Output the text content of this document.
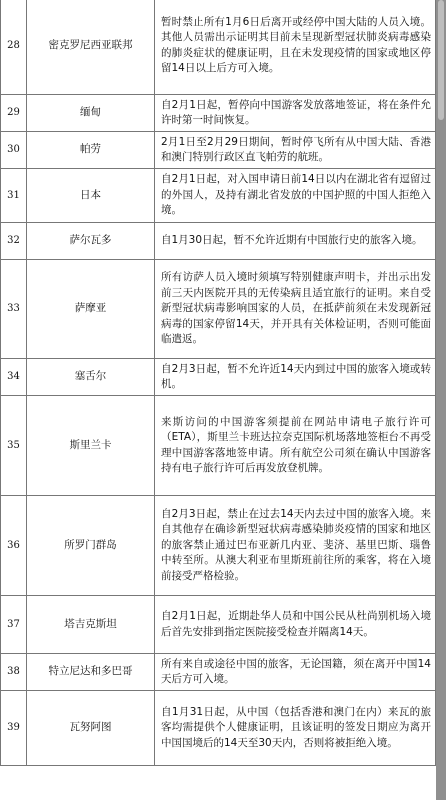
28	密克罗尼西亚联邦	暂时禁止所有1月6日后离开或经停中国大陆的人员入境。其他人员需出示证明其目前未呈现新型冠状肺炎病毒感染的肺炎症状的健康证明，且在未发现疫情的国家或地区停留14日以上后方可入境。
29	缅甸	自2月1日起，暂停向中国游客发放落地签证，将在条件允许时第一时间恢复。
30	帕劳	2月1日至2月29日期间，暂时停飞所有从中国大陆、香港和澳门特别行政区直飞帕劳的航班。
31	日本	自2月1日起，对入国申请日前14日以内在湖北省有逗留过的外国人，及持有湖北省发放的中国护照的中国人拒绝入境。
32	萨尔瓦多	自1月30日起，暂不允许近期有中国旅行史的旅客入境。
33	萨摩亚	所有访萨人员入境时须填写特别健康声明卡，并出示出发前三天内医院开具的无传染病且适宜旅行的证明。来自受新型冠状病毒影响国家的人员，在抵萨前须在未发现新冠病毒的国家停留14天，并开具有关体检证明，否则可能面临遣返。
34	塞舌尔	自2月3日起，暂不允许近14天内到过中国的旅客入境或转机。
35	斯里兰卡	来斯访问的中国游客须提前在网站申请电子旅行许可（ETA），斯里兰卡班达拉奈克国际机场落地签柜台不再受理中国游客落地签申请。所有航空公司须在确认中国游客持有电子旅行许可后再发放登机牌。
36	所罗门群岛	自2月3日起，禁止在过去14天内去过中国的旅客入境。来自其他存在确诊新型冠状病毒感染肺炎疫情的国家和地区的旅客禁止通过巴布亚新几内亚、斐济、基里巴斯、瑙鲁中转至所。从澳大利亚布里斯班前往所的乘客，将在入境前接受严格检验。
37	塔吉克斯坦	自2月1日起，近期赴华人员和中国公民从杜尚别机场入境后首先安排到指定医院接受检查并隔离14天。
38	特立尼达和多巴哥	所有来自或途径中国的旅客，无论国籍，须在离开中国14天后方可入境。
39	瓦努阿图	自1月31日起，从中国（包括香港和澳门在内）来瓦的旅客均需提供个人健康证明，且该证明的签发日期应为离开中国国境后的14天至30天内，否则将被拒绝入境。
